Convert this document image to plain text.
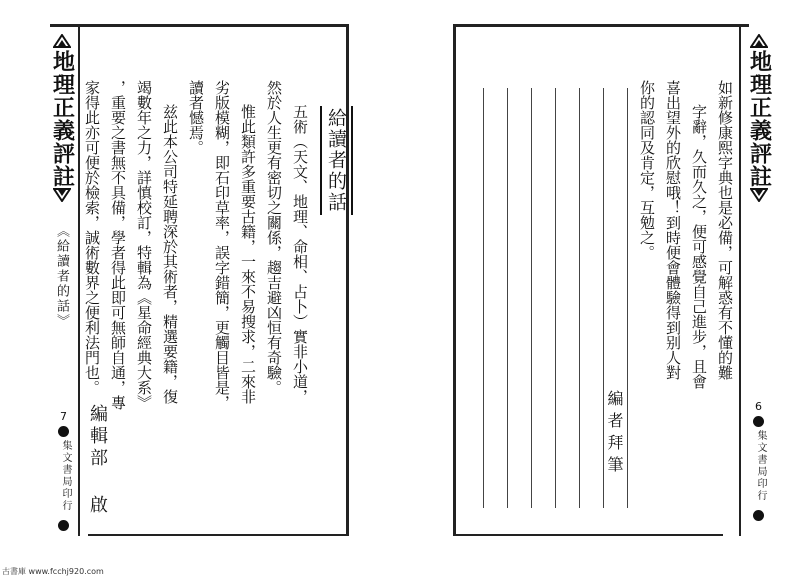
地理正義評註
《給讀者的話》
7
集文書局印行
給讀者的話
五術（天文、地理、命相、占卜）實非小道，
然於人生更有密切之關係，趨吉避凶恒有奇驗。
惟此類許多重要古籍，一來不易搜求，二來非
劣版模糊，即石印草率，誤字錯簡，更觸目皆是，
讀者憾焉。
兹此本公司特延聘深於其術者，精選要籍，復
竭數年之力，詳慎校訂，特輯為《星命經典大系》
，重要之書無不具備，學者得此即可無師自通，專
家得此亦可便於檢索，誠術數界之便利法門也。
編輯部 啟
如新修康熙字典也是必備，可解惑有不懂的難
字辭，久而久之，便可感覺自己進步，且會
喜出望外的欣慰哦！到時便會體驗得到别人對
你的認同及肯定，互勉之。
編者拜筆
地理正義評註
6
集文書局印行
古書庫 www.fcchj920.com
